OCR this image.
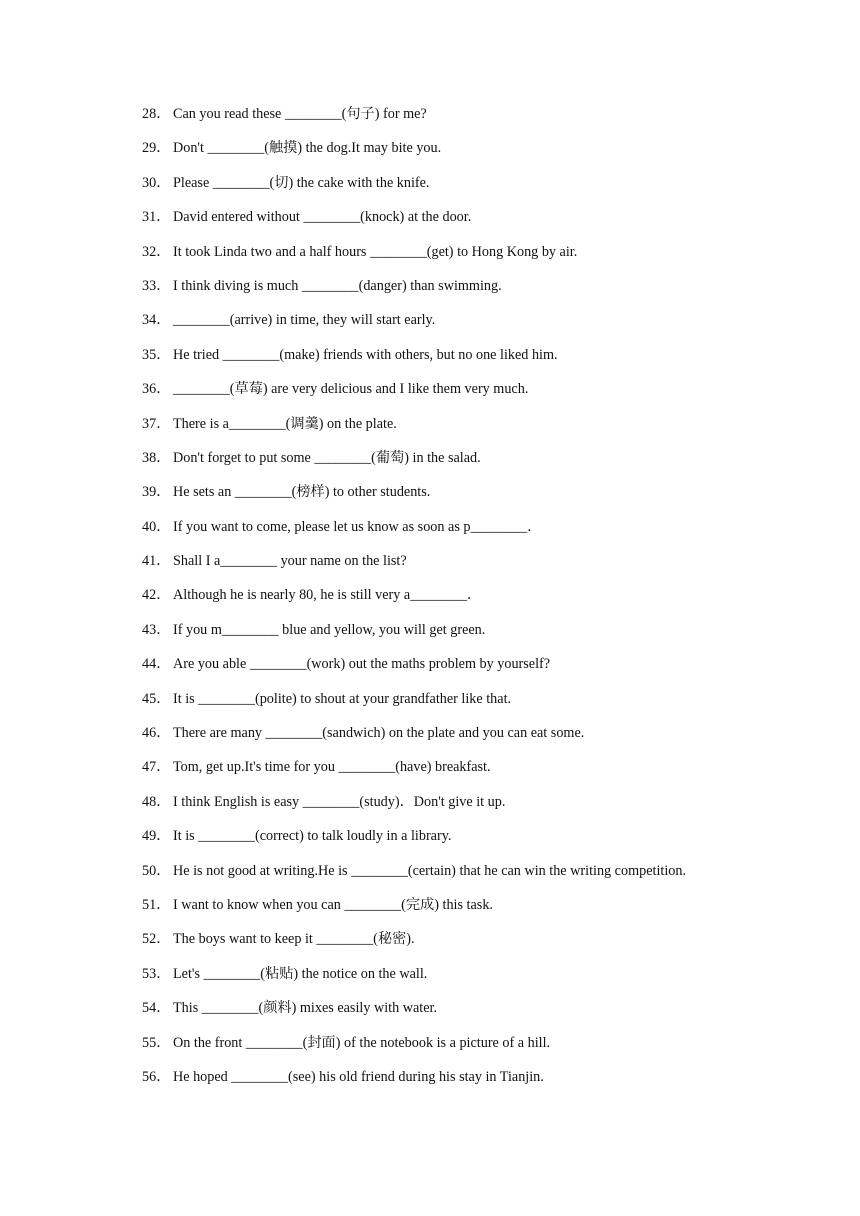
28． Can you read these ________(句子) for me?
29． Don't ________(触摸) the dog.It may bite you.
30． Please ________(切) the cake with the knife.
31． David entered without ________(knock) at the door.
32． It took Linda two and a half hours ________(get) to Hong Kong by air.
33． I think diving is much ________(danger) than swimming.
34． ________(arrive) in time, they will start early.
35． He tried ________(make) friends with others, but no one liked him.
36． ________(草莓) are very delicious and I like them very much.
37． There is a________(调羹) on the plate.
38． Don't forget to put some ________(葡萄) in the salad.
39． He sets an ________(榜样) to other students.
40． If you want to come, please let us know as soon as p________．
41． Shall I a________ your name on the list?
42． Although he is nearly 80, he is still very a________．
43． If you m________ blue and yellow, you will get green.
44． Are you able ________(work) out the maths problem by yourself?
45． It is ________(polite) to shout at your grandfather like that.
46． There are many ________(sandwich) on the plate and you can eat some.
47． Tom, get up.It's time for you ________(have) breakfast.
48． I think English is easy ________(study)．Don't give it up.
49． It is ________(correct) to talk loudly in a library.
50． He is not good at writing.He is ________(certain) that he can win the writing competition.
51． I want to know when you can ________(完成) this task.
52． The boys want to keep it ________(秘密).
53． Let's ________(粘贴) the notice on the wall.
54． This ________(颜料) mixes easily with water.
55． On the front ________(封面) of the notebook is a picture of a hill.
56． He hoped ________(see) his old friend during his stay in Tianjin.
